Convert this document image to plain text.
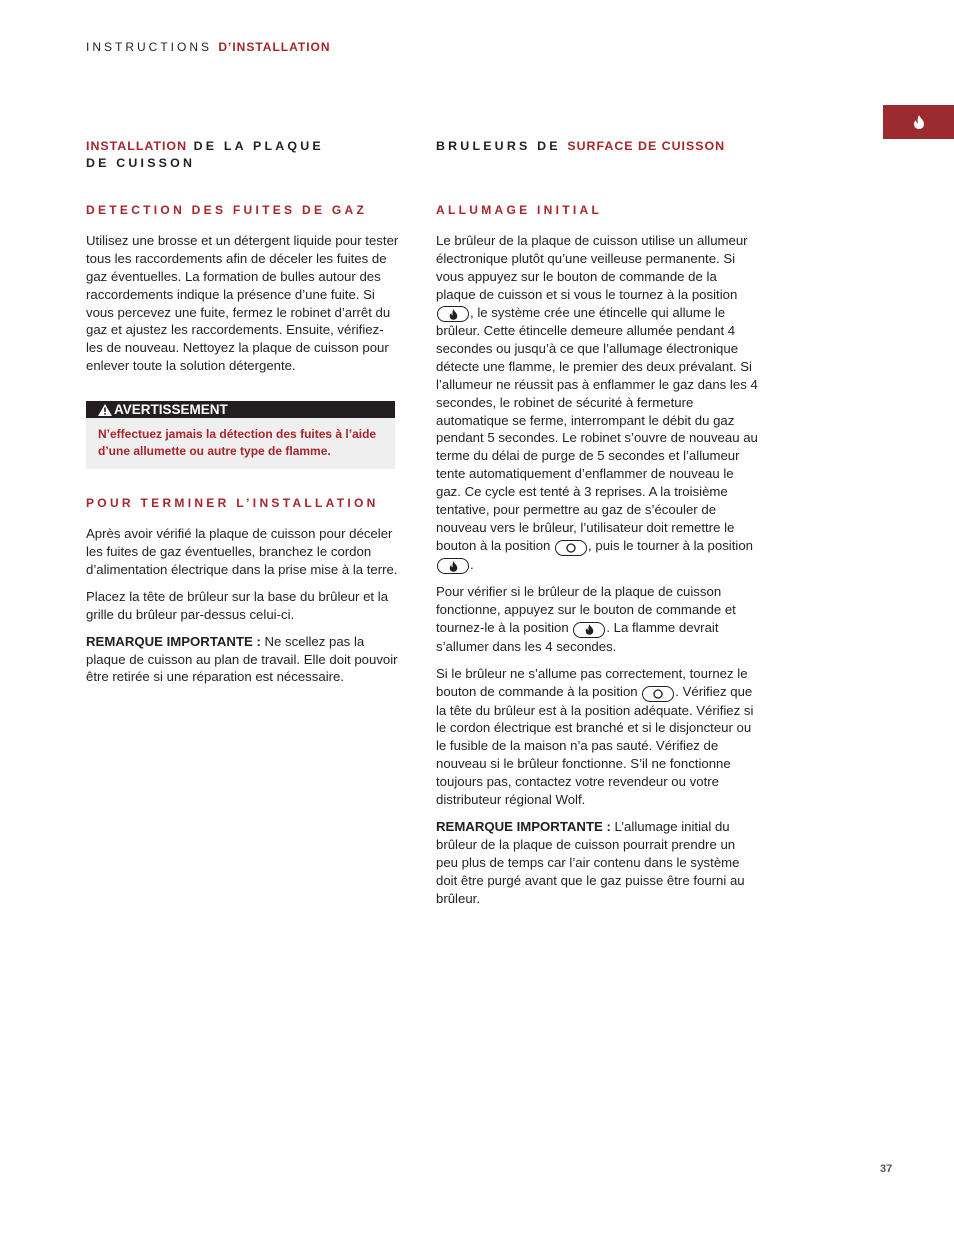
INSTRUCTIONS D’INSTALLATION
INSTALLATION DE LA PLAQUE
DE CUISSON
DETECTION DES FUITES DE GAZ

Utilisez une brosse et un détergent liquide pour tester tous les raccordements afin de déceler les fuites de gaz éventuelles. La formation de bulles autour des raccordements indique la présence d’une fuite. Si vous percevez une fuite, fermez le robinet d’arrêt du gaz et ajustez les raccordements. Ensuite, vérifiez-les de nouveau. Nettoyez la plaque de cuisson pour enlever toute la solution détergente.

AVERTISSEMENT
N’effectuez jamais la détection des fuites à l’aide d’une allumette ou autre type de flamme.
POUR TERMINER L’INSTALLATION

Après avoir vérifié la plaque de cuisson pour déceler les fuites de gaz éventuelles, branchez le cordon d’alimentation électrique dans la prise mise à la terre.

Placez la tête de brûleur sur la base du brûleur et la grille du brûleur par-dessus celui-ci.

REMARQUE IMPORTANTE : Ne scellez pas la plaque de cuisson au plan de travail. Elle doit pouvoir être retirée si une réparation est nécessaire.

BRULEURS DE SURFACE DE CUISSON
ALLUMAGE INITIAL

Le brûleur de la plaque de cuisson utilise un allumeur électronique plutôt qu’une veilleuse permanente. Si vous appuyez sur le bouton de commande de la plaque de cuisson et si vous le tournez à la position
, le système crée une étincelle qui allume le brûleur. Cette étincelle demeure allumée pendant 4 secondes ou jusqu’à ce que l’allumage électronique détecte une flamme, le premier des deux prévalant. Si l’allumeur ne réussit pas à enflammer le gaz dans les 4 secondes, le robinet de sécurité à fermeture automatique se ferme, interrompant le débit du gaz pendant 5 secondes. Le robinet s’ouvre de nouveau au terme du délai de purge de 5 secondes et l’allumeur tente automatiquement d’enflammer de nouveau le gaz. Ce cycle est tenté à 3 reprises. A la troisième tentative, pour permettre au gaz de s’écouler de nouveau vers le brûleur, l’utilisateur doit remettre le bouton à la position	, puis le tourner à la position
.

Pour vérifier si le brûleur de la plaque de cuisson fonctionne, appuyez sur le bouton de commande et tournez-le à la position	. La flamme devrait s’allumer dans les 4 secondes.

Si le brûleur ne s’allume pas correctement, tournez le bouton de commande à la position	. Vérifiez que la tête du brûleur est à la position adéquate. Vérifiez si le cordon électrique est branché et si le disjoncteur ou le fusible de la maison n’a pas sauté. Vérifiez de nouveau si le brûleur fonctionne. S’il ne fonctionne toujours pas, contactez votre revendeur ou votre distributeur régional Wolf.

REMARQUE IMPORTANTE : L’allumage initial du brûleur de la plaque de cuisson pourrait prendre un peu plus de temps car l’air contenu dans le système doit être purgé avant que le gaz puisse être fourni au brûleur.

37
